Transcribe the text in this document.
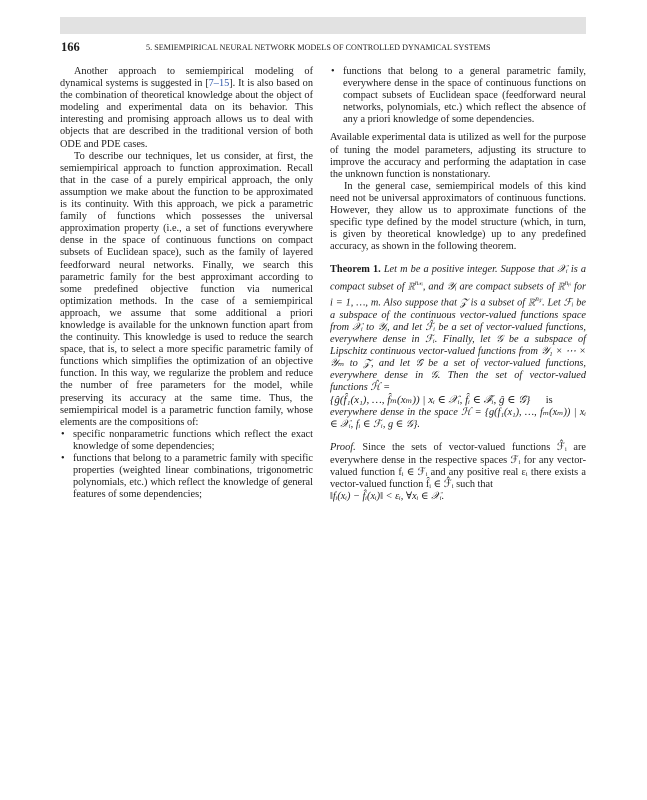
166	5. SEMIEMPIRICAL NEURAL NETWORK MODELS OF CONTROLLED DYNAMICAL SYSTEMS

Another approach to semiempirical modeling of dynamical systems is suggested in [7–15]. It is also based on the combination of theoretical knowledge about the object of modeling and experimental data on its behavior. This interesting and promising approach allows us to deal with objects that are described in the traditional version of both ODE and PDE cases.

To describe our techniques, let us consider, at first, the semiempirical approach to function approximation. Recall that in the case of a purely empirical approach, the only assumption we make about the function to be approximated is its continuity. With this approach, we pick a parametric family of functions which possesses the universal approximation property (i.e., a set of functions everywhere dense in the space of continuous functions on compact subsets of Euclidean space), such as the family of layered feedforward neural networks. Finally, we search this parametric family for the best approximant according to some predefined objective function via numerical optimization methods. In the case of a semiempirical approach, we assume that some additional a priori knowledge is available for the unknown function apart from the continuity. This knowledge is used to reduce the search space, that is, to select a more specific parametric family of functions which simplifies the optimization of an objective function. In this way, we regularize the problem and reduce the number of free parameters for the model, while preserving its accuracy at the same time. Thus, the semiempirical model is a parametric function family, whose elements are the compositions of:

• specific nonparametric functions which reflect the exact knowledge of some dependencies;
• functions that belong to a parametric family with specific properties (weighted linear combinations, trigonometric polynomials, etc.) which reflect the knowledge of general features of some dependencies;
• functions that belong to a general parametric family, everywhere dense in the space of continuous functions on compact subsets of Euclidean space (feedforward neural networks, polynomials, etc.) which reflect the absence of any a priori knowledge of some dependencies.

Available experimental data is utilized as well for the purpose of tuning the model parameters, adjusting its structure to improve the accuracy and performing the adaptation in case the unknown function is nonstationary.

In the general case, semiempirical models of this kind need not be universal approximators of continuous functions. However, they allow us to approximate functions of the specific type defined by the model structure (which, in turn, is given by theoretical knowledge) up to any predefined accuracy, as shown in the following theorem.

Theorem 1. Let m be a positive integer. Suppose that 𝒳ᵢ is a compact subset of ℝ$^{n𝓍ᵢ}$, and 𝒴ᵢ are compact subsets of ℝ$^{nᵧᵢ}$ for i = 1, …, m. Also suppose that 𝒵 is a subset of ℝ$^{n𝓏}$. Let ℱᵢ be a subspace of the continuous vector-valued functions space from 𝒳ᵢ to 𝒴ᵢ, and let ℱ̂ᵢ be a set of vector-valued functions, everywhere dense in ℱᵢ. Finally, let 𝒢 be a subspace of Lipschitz continuous vector-valued functions from 𝒴₁ × ⋯ × 𝒴ₘ to 𝒵, and let 𝒢̂ be a set of vector-valued functions, everywhere dense in 𝒢. Then the set of vector-valued functions ℋ̂ =

{ĝ(f̂₁(x₁), …, f̂ₘ(xₘ)) | xᵢ ∈ 𝒳ᵢ, f̂ᵢ ∈ ℱ̂ᵢ, ĝ ∈ 𝒢̂} is

everywhere dense in the space ℋ = {g(f₁(x₁), …, fₘ(xₘ)) | xᵢ ∈ 𝒳ᵢ, fᵢ ∈ ℱᵢ, g ∈ 𝒢}.

Proof. Since the sets of vector-valued functions ℱ̂ᵢ are everywhere dense in the respective spaces ℱᵢ for any vector-valued function fᵢ ∈ ℱᵢ and any positive real εᵢ there exists a vector-valued function f̂ᵢ ∈ ℱ̂ᵢ such that

‖fᵢ(xᵢ) − f̂ᵢ(xᵢ)‖ < εᵢ, ∀xᵢ ∈ 𝒳ᵢ.
